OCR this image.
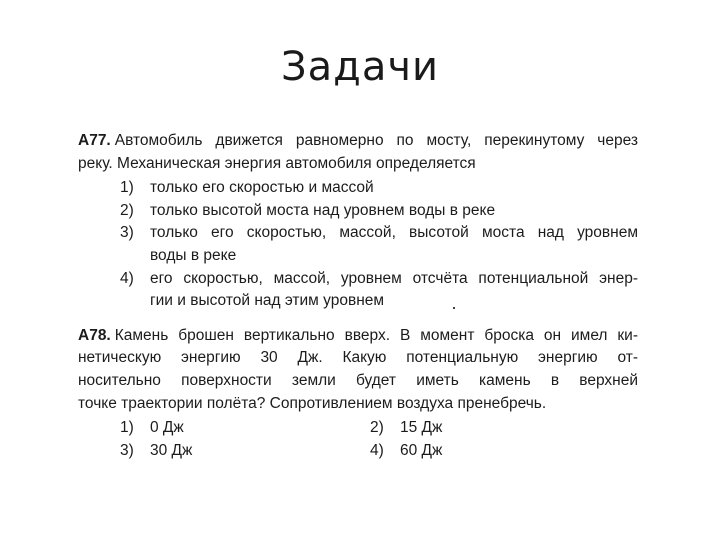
Задачи
А77. Автомобиль движется равномерно по мосту, перекинутому через
реку. Механическая энергия автомобиля определяется
1)	только его скоростью и массой
2)	только высотой моста над уровнем воды в реке
3)	только его скоростью, массой, высотой моста над уровнем
воды в реке
4)	его скоростью, массой, уровнем отсчёта потенциальной энер-
гии и высотой над этим уровнем
А78. Камень брошен вертикально вверх. В момент броска он имел ки-
нетическую энергию 30 Дж. Какую потенциальную энергию от-
носительно поверхности земли будет иметь камень в верхней
точке траектории полёта? Сопротивлением воздуха пренебречь.
1)	0 Дж	2)	15 Дж
3)	30 Дж	4)	60 Дж
